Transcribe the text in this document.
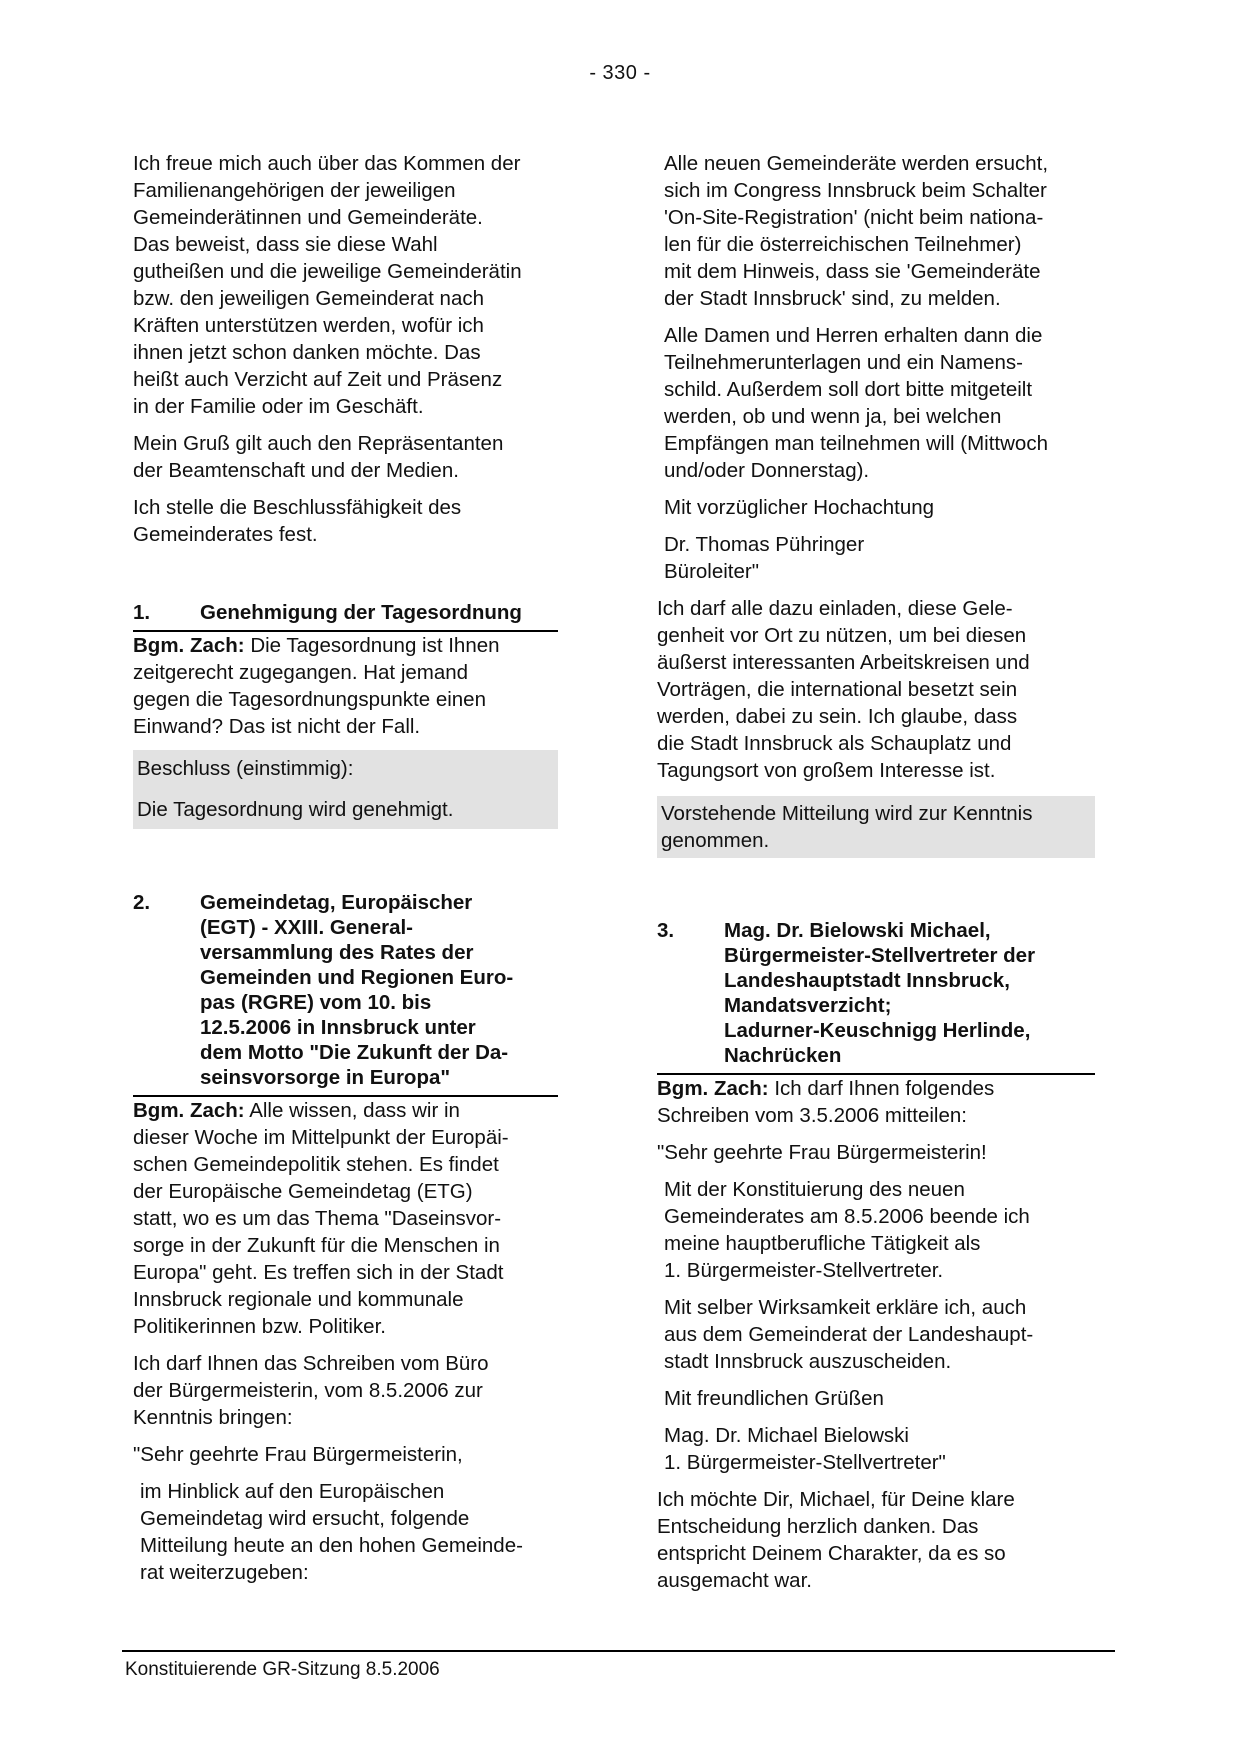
- 330 -

Ich freue mich auch über das Kommen der
Familienangehörigen der jeweiligen
Gemeinderätinnen und Gemeinderäte.
Das beweist, dass sie diese Wahl
gutheißen und die jeweilige Gemeinderätin
bzw. den jeweiligen Gemeinderat nach
Kräften unterstützen werden, wofür ich
ihnen jetzt schon danken möchte. Das
heißt auch Verzicht auf Zeit und Präsenz
in der Familie oder im Geschäft.

Mein Gruß gilt auch den Repräsentanten
der Beamtenschaft und der Medien.

Ich stelle die Beschlussfähigkeit des
Gemeinderates fest.

1.	Genehmigung der Tagesordnung

Bgm. Zach: Die Tagesordnung ist Ihnen
zeitgerecht zugegangen. Hat jemand
gegen die Tagesordnungspunkte einen
Einwand? Das ist nicht der Fall.

Beschluss (einstimmig):

Die Tagesordnung wird genehmigt.

2.	Gemeindetag, Europäischer
(EGT) - XXIII. General-
versammlung des Rates der
Gemeinden und Regionen Euro-
pas (RGRE) vom 10. bis
12.5.2006 in Innsbruck unter
dem Motto "Die Zukunft der Da-
seinsvorsorge in Europa"

Bgm. Zach: Alle wissen, dass wir in
dieser Woche im Mittelpunkt der Europäi-
schen Gemeindepolitik stehen. Es findet
der Europäische Gemeindetag (ETG)
statt, wo es um das Thema "Daseinsvor-
sorge in der Zukunft für die Menschen in
Europa" geht. Es treffen sich in der Stadt
Innsbruck regionale und kommunale
Politikerinnen bzw. Politiker.

Ich darf Ihnen das Schreiben vom Büro
der Bürgermeisterin, vom 8.5.2006 zur
Kenntnis bringen:

"Sehr geehrte Frau Bürgermeisterin,

im Hinblick auf den Europäischen
Gemeindetag wird ersucht, folgende
Mitteilung heute an den hohen Gemeinde-
rat weiterzugeben:

Alle neuen Gemeinderäte werden ersucht,
sich im Congress Innsbruck beim Schalter
'On-Site-Registration' (nicht beim nationa-
len für die österreichischen Teilnehmer)
mit dem Hinweis, dass sie 'Gemeinderäte
der Stadt Innsbruck' sind, zu melden.

Alle Damen und Herren erhalten dann die
Teilnehmerunterlagen und ein Namens-
schild. Außerdem soll dort bitte mitgeteilt
werden, ob und wenn ja, bei welchen
Empfängen man teilnehmen will (Mittwoch
und/oder Donnerstag).

Mit vorzüglicher Hochachtung

Dr. Thomas Pühringer
Büroleiter"

Ich darf alle dazu einladen, diese Gele-
genheit vor Ort zu nützen, um bei diesen
äußerst interessanten Arbeitskreisen und
Vorträgen, die international besetzt sein
werden, dabei zu sein. Ich glaube, dass
die Stadt Innsbruck als Schauplatz und
Tagungsort von großem Interesse ist.

Vorstehende Mitteilung wird zur Kenntnis
genommen.

3.	Mag. Dr. Bielowski Michael,
Bürgermeister-Stellvertreter der
Landeshauptstadt Innsbruck,
Mandatsverzicht;
Ladurner-Keuschnigg Herlinde,
Nachrücken

Bgm. Zach: Ich darf Ihnen folgendes
Schreiben vom 3.5.2006 mitteilen:

"Sehr geehrte Frau Bürgermeisterin!

Mit der Konstituierung des neuen
Gemeinderates am 8.5.2006 beende ich
meine hauptberufliche Tätigkeit als
1. Bürgermeister-Stellvertreter.

Mit selber Wirksamkeit erkläre ich, auch
aus dem Gemeinderat der Landeshaupt-
stadt Innsbruck auszuscheiden.

Mit freundlichen Grüßen

Mag. Dr. Michael Bielowski
1. Bürgermeister-Stellvertreter"

Ich möchte Dir, Michael, für Deine klare
Entscheidung herzlich danken. Das
entspricht Deinem Charakter, da es so
ausgemacht war.

Konstituierende GR-Sitzung 8.5.2006
